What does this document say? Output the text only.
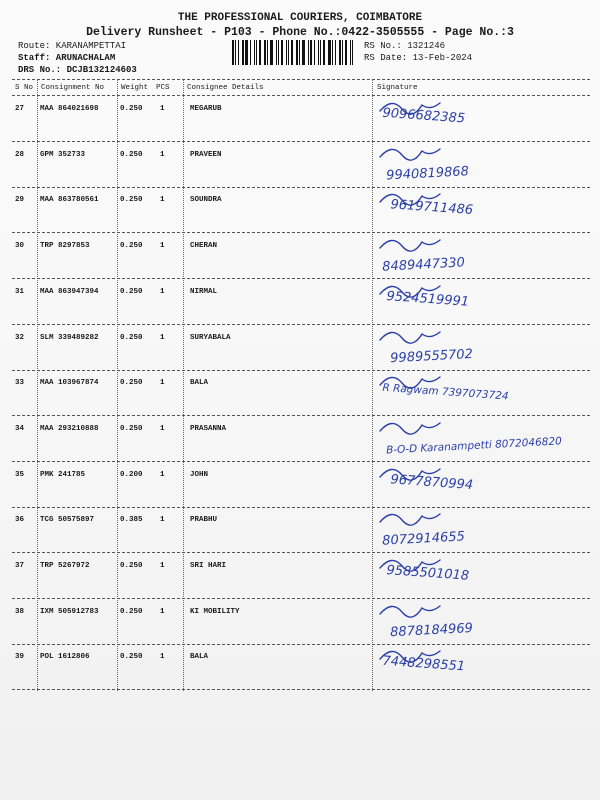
THE PROFESSIONAL COURIERS, COIMBATORE
Delivery Runsheet - P103 - Phone No.:0422-3505555 - Page No.:3
Route: KARANAMPETTAI
Staff: ARUNACHALAM
DRS No.: DCJB132124603
RS No.: 1321246
RS Date: 13-Feb-2024
S No Consignment No Weight PCS Consignee Details	Signature
27 MAA 864021698	0.250 1	MEGARUB	9096682385
28 GPM 352733	0.250 1	PRAVEEN
9940819868
29 MAA 863780561	0.250 1	SOUNDRA	9619711486
30 TRP 8297853	0.250 1	CHERAN
8489447330
31 MAA 863947394	0.250 1	NIRMAL	9524519991
32 SLM 339489282	0.250 1	SURYABALA
9989555702
33 MAA 103967874	0.250 1	BALA	R Ragwam 7397073724
34 MAA 293210888	0.250 1	PRASANNA
B-O-D Karanampetti 8072046820
35 PMK 241785	0.200 1	JOHN	9677870994
36 TCG 50575897	0.385 1	PRABHU
8072914655
37 TRP 5267972	0.250 1	SRI HARI	9585501018
38 IXM 505912783	0.250 1	KI MOBILITY
8878184969
39 POL 1612806	0.250 1	BALA	7448298551
